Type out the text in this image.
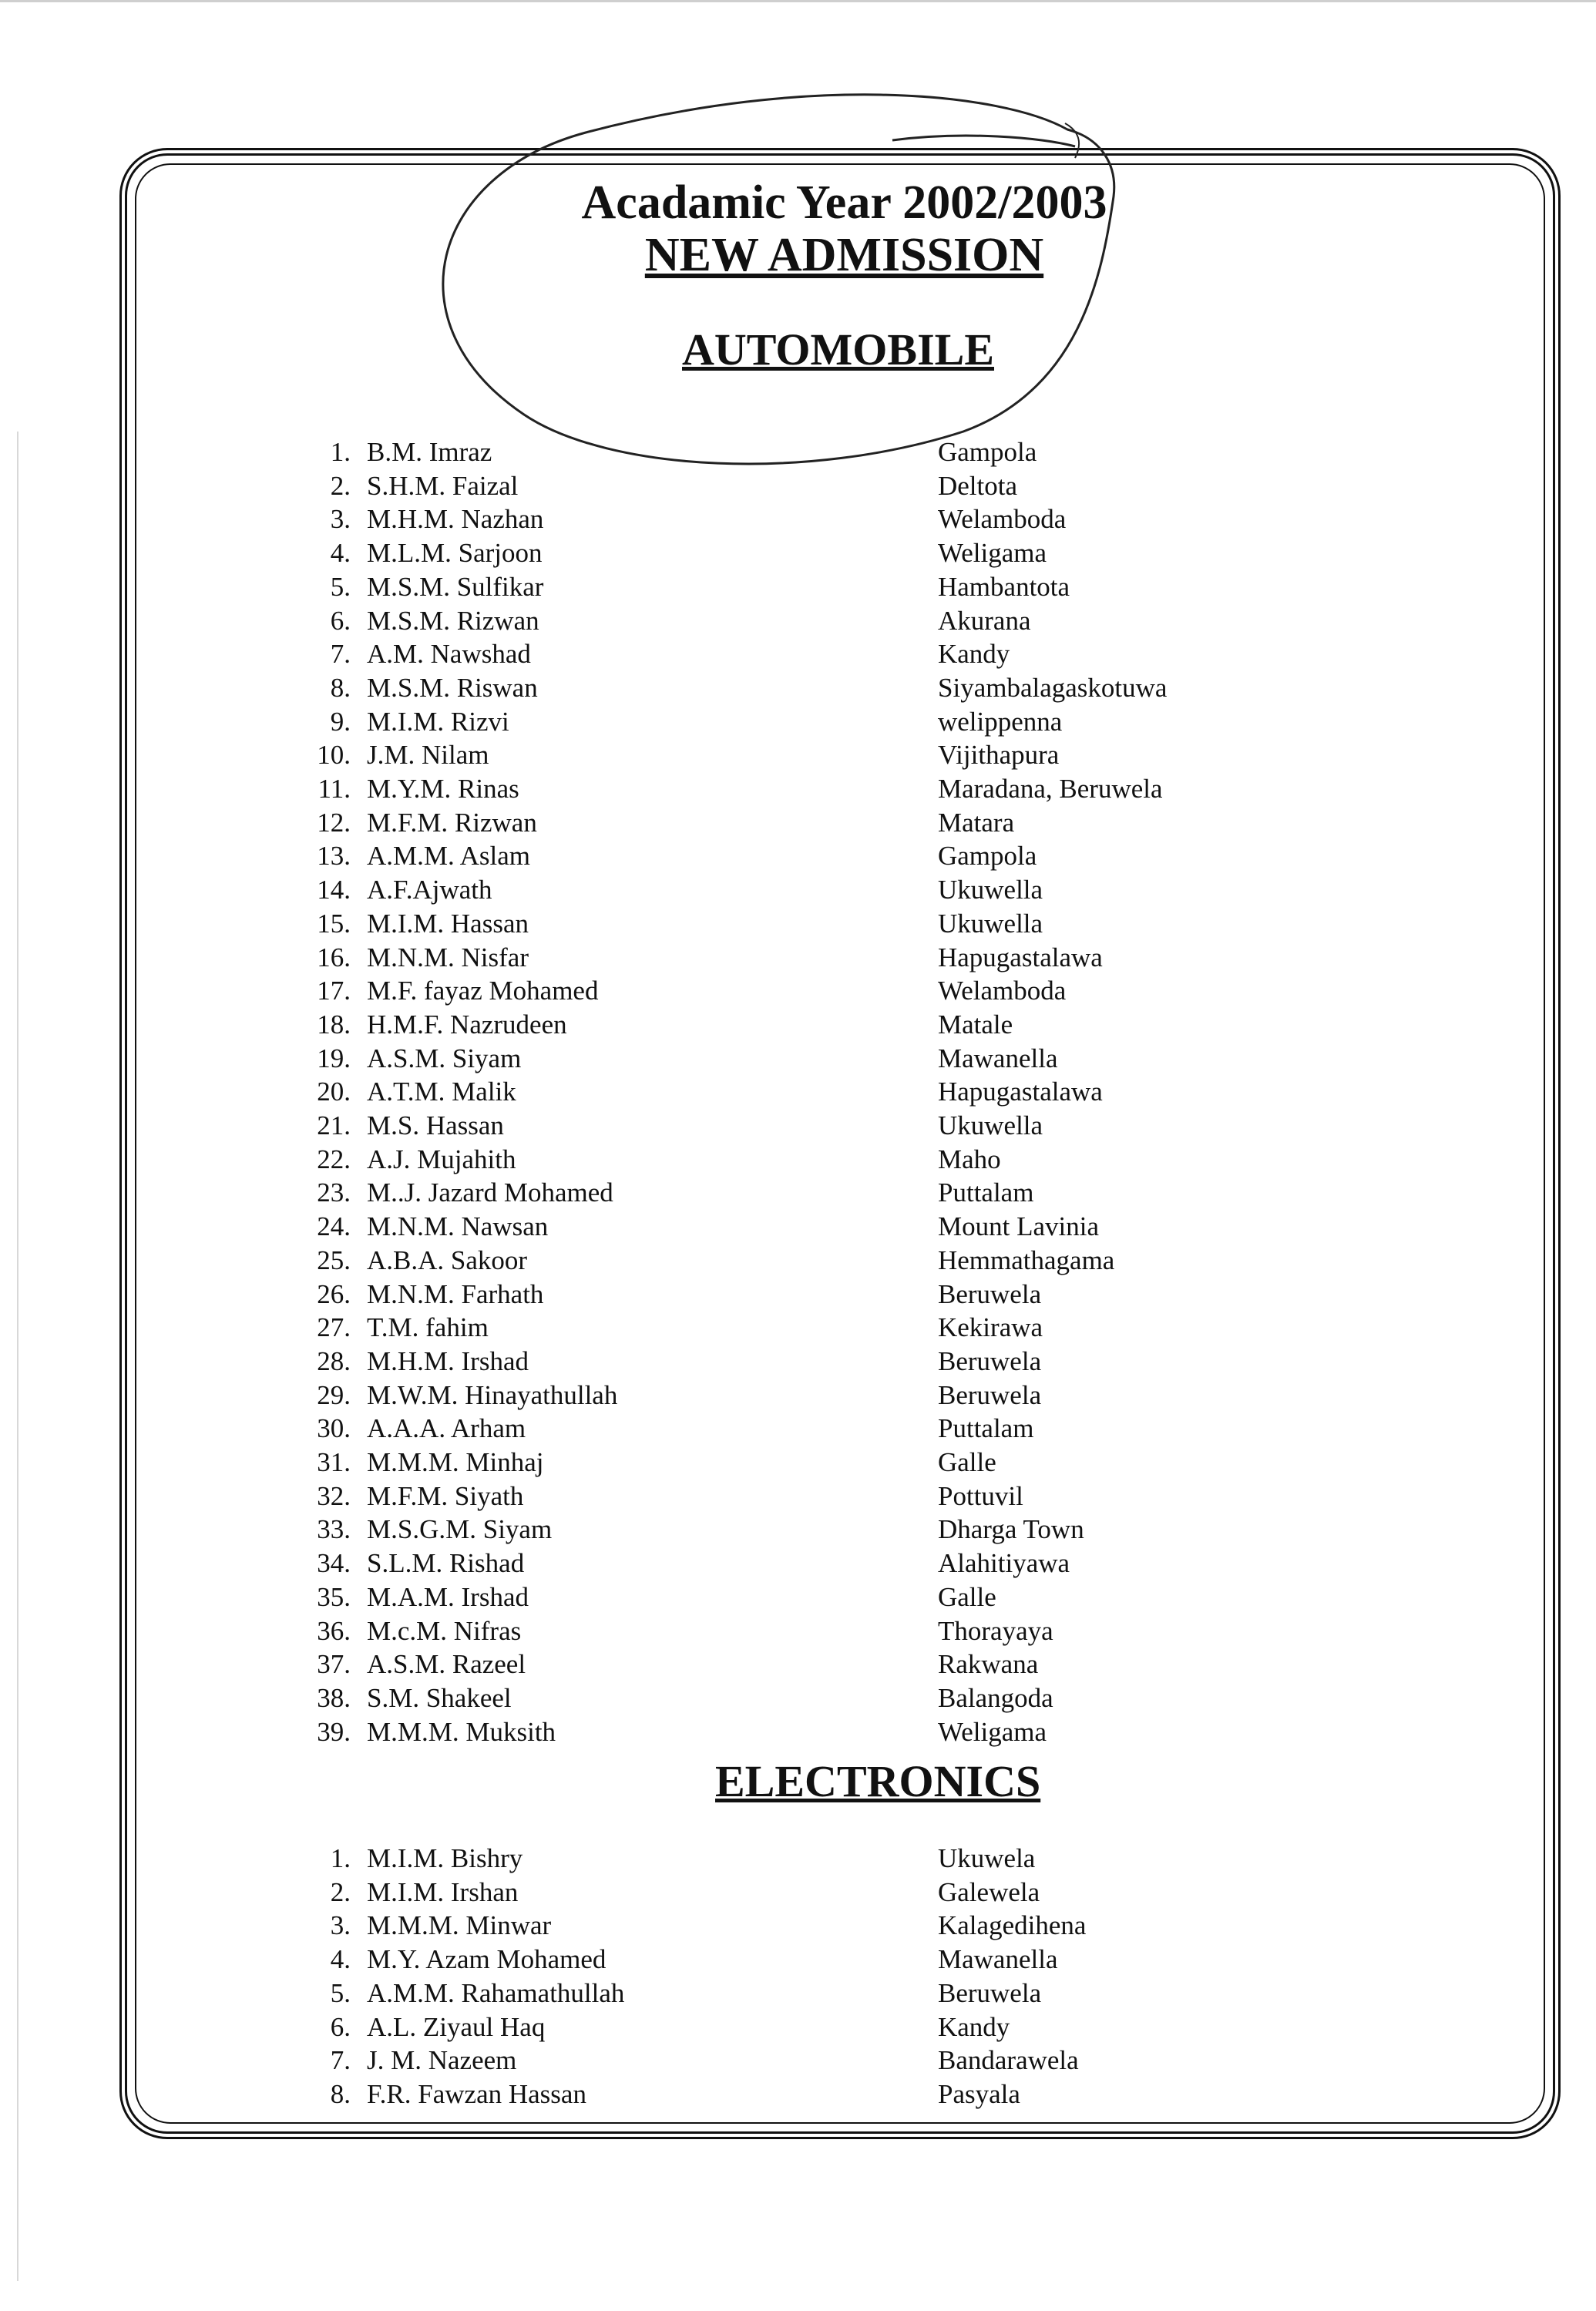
Acadamic Year 2002/2003
NEW ADMISSION
AUTOMOBILE
1. B.M. Imraz	Gampola
2. S.H.M. Faizal	Deltota
3. M.H.M. Nazhan	Welamboda
4. M.L.M. Sarjoon	Weligama
5. M.S.M. Sulfikar	Hambantota
6. M.S.M. Rizwan	Akurana
7. A.M. Nawshad	Kandy
8. M.S.M. Riswan	Siyambalagaskotuwa
9. M.I.M. Rizvi	welippenna
10. J.M. Nilam	Vijithapura
11. M.Y.M. Rinas	Maradana, Beruwela
12. M.F.M. Rizwan	Matara
13. A.M.M. Aslam	Gampola
14. A.F.Ajwath	Ukuwella
15. M.I.M. Hassan	Ukuwella
16. M.N.M. Nisfar	Hapugastalawa
17. M.F. fayaz Mohamed	Welamboda
18. H.M.F. Nazrudeen	Matale
19. A.S.M. Siyam	Mawanella
20. A.T.M. Malik	Hapugastalawa
21. M.S. Hassan	Ukuwella
22. A.J. Mujahith	Maho
23. M..J. Jazard Mohamed	Puttalam
24. M.N.M. Nawsan	Mount Lavinia
25. A.B.A. Sakoor	Hemmathagama
26. M.N.M. Farhath	Beruwela
27. T.M. fahim	Kekirawa
28. M.H.M. Irshad	Beruwela
29. M.W.M. Hinayathullah	Beruwela
30. A.A.A. Arham	Puttalam
31. M.M.M. Minhaj	Galle
32. M.F.M. Siyath	Pottuvil
33. M.S.G.M. Siyam	Dharga Town
34. S.L.M. Rishad	Alahitiyawa
35. M.A.M. Irshad	Galle
36. M.c.M. Nifras	Thorayaya
37. A.S.M. Razeel	Rakwana
38. S.M. Shakeel	Balangoda
39. M.M.M. Muksith	Weligama
ELECTRONICS
1. M.I.M. Bishry	Ukuwela
2. M.I.M. Irshan	Galewela
3. M.M.M. Minwar	Kalagedihena
4. M.Y. Azam Mohamed	Mawanella
5. A.M.M. Rahamathullah	Beruwela
6. A.L. Ziyaul Haq	Kandy
7. J. M. Nazeem	Bandarawela
8. F.R. Fawzan Hassan	Pasyala
